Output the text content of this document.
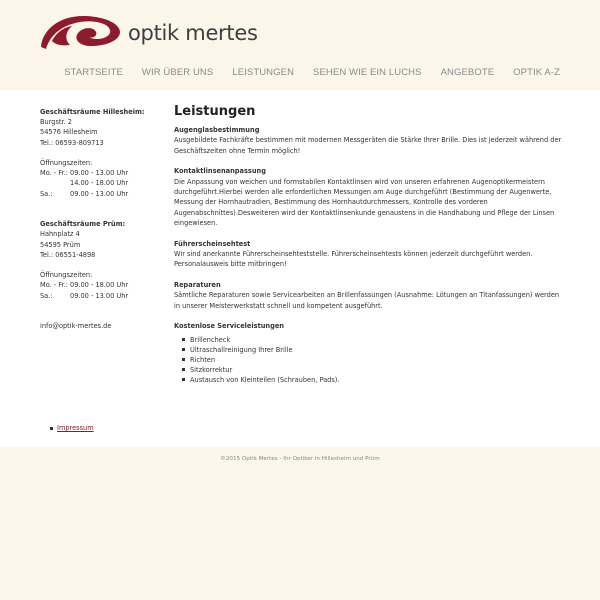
optik mertes
STARTSEITE WIR ÜBER UNS LEISTUNGEN SEHEN WIE EIN LUCHS ANGEBOTE OPTIK A-Z
Geschäftsräume Hillesheim:
Burgstr. 2
54576 Hillesheim
Tel.: 06593-809713
Öffnungszeiten:
Mo. - Fr.: 09.00 - 13.00 Uhr
14.00 - 18.00 Uhr
Sa.:	09.00 - 13.00 Uhr
Geschäftsräume Prüm:
Hahnplatz 4
54595 Prüm
Tel.: 06551-4898
Öffnungszeiten:
Mo. - Fr.: 09.00 - 18.00 Uhr
Sa.:	09.00 - 13.00 Uhr
info@optik-mertes.de
Leistungen
Augenglasbestimmung

Ausgebildete Fachkräfte bestimmen mit modernen Messgeräten die Stärke Ihrer Brille. Dies ist jederzeit während der Geschäftszeiten ohne Termin möglich!

Kontaktlinsenanpassung

Die Anpassung von weichen und formstabilen Kontaktlinsen wird von unseren erfahrenen Augenoptikermeistern durchgeführt.Hierbei werden alle erforderlichen Messungen am Auge durchgeführt (Bestimmung der Augenwerte, Messung der Hornhautradien, Bestimmung des Hornhautdurchmessers, Kontrolle des vorderen Augenabschnittes).Desweiteren wird der Kontaktlinsenkunde genaustens in die Handhabung und Pflege der Linsen eingewiesen.

Führerscheinsehtest

Wir sind anerkannte Führerscheinsehteststelle. Führerscheinsehtests können jederzeit durchgeführt werden. Personalausweis bitte mitbringen!

Reparaturen

Sämtliche Reparaturen sowie Servicearbeiten an Brillenfassungen (Ausnahme: Lötungen an Titanfassungen) werden in unserer Meisterwerkstatt schnell und kompetent ausgeführt.

Kostenlose Serviceleistungen
Brillencheck
Ultraschallreinigung Ihrer Brille
Richten
Sitzkorrektur
Austausch von Kleinteilen (Schrauben, Pads).
Impressum
©2015 Optik Mertes - Ihr Optiker in Hillesheim und Prüm
